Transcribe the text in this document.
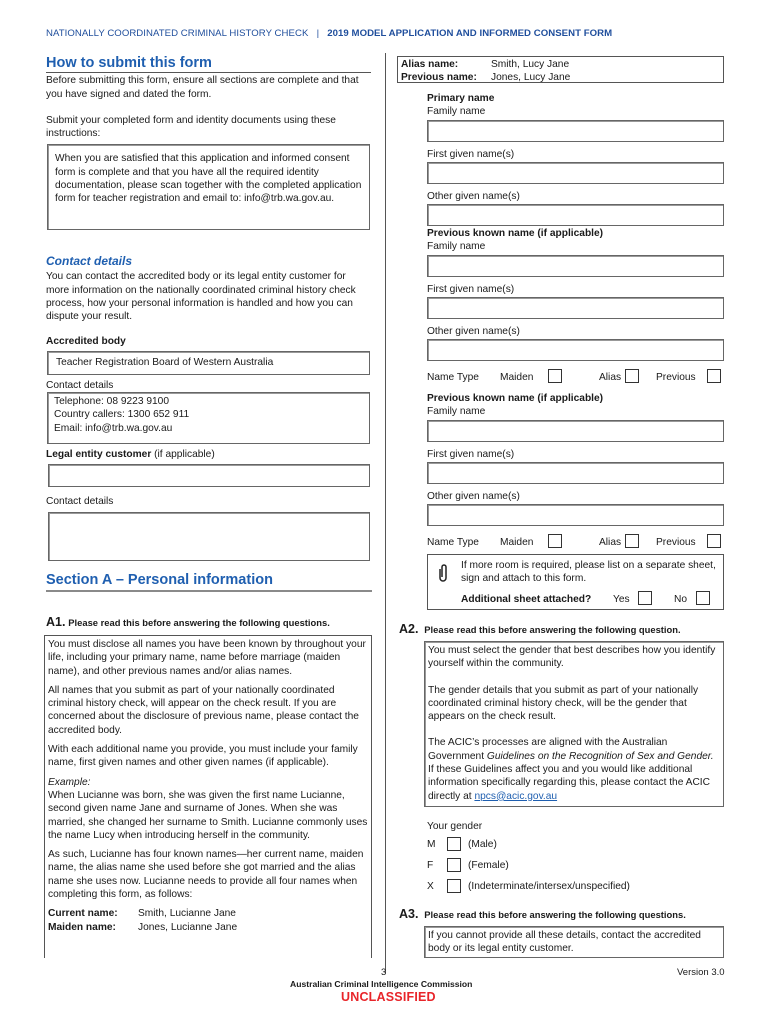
NATIONALLY COORDINATED CRIMINAL HISTORY CHECK | 2019 MODEL APPLICATION AND INFORMED CONSENT FORM
How to submit this form

Before submitting this form, ensure all sections are complete and that you have signed and dated the form.

Submit your completed form and identity documents using these instructions:

When you are satisfied that this application and informed consent form is complete and that you have all the required identity documentation, please scan together with the completed application form for teacher registration and email to: info@trb.wa.gov.au.

Contact details

You can contact the accredited body or its legal entity customer for more information on the nationally coordinated criminal history check process, how your personal information is handled and how you can dispute your result.

Accredited body
Teacher Registration Board of Western Australia
Contact details
Telephone: 08 9223 9100
Country callers: 1300 652 911
Email: info@trb.wa.gov.au
Legal entity customer (if applicable)
Contact details
Section A – Personal information
A1. Please read this before answering the following questions.

You must disclose all names you have been known by throughout your life, including your primary name, name before marriage (maiden name), and other previous names and/or alias names.

All names that you submit as part of your nationally coordinated criminal history check, will appear on the check result. If you are concerned about the disclosure of previous name, please contact the accredited body.

With each additional name you provide, you must include your family name, first given names and other given names (if applicable).

Example:

When Lucianne was born, she was given the first name Lucianne, second given name Jane and surname of Jones. When she was married, she changed her surname to Smith. Lucianne commonly uses the name Lucy when introducing herself in the community.

As such, Lucianne has four known names—her current name, maiden name, the alias name she used before she got married and the alias name she uses now. Lucianne needs to provide all four names when completing this form, as follows:

Current name:	Smith, Lucianne Jane
Maiden name:	Jones, Lucianne Jane
Alias name:	Smith, Lucy Jane
Previous name:	Jones, Lucy Jane
Primary name
Family name
First given name(s)
Other given name(s)
Previous known name (if applicable)
Family name
First given name(s)
Other given name(s)
Name Type Maiden	Alias	Previous
Previous known name (if applicable)
Family name
First given name(s)
Other given name(s)
Name Type Maiden	Alias	Previous
If more room is required, please list on a separate sheet, sign and attach to this form.
Additional sheet attached? Yes	No
A2. Please read this before answering the following question.

You must select the gender that best describes how you identify yourself within the community.

The gender details that you submit as part of your nationally coordinated criminal history check, will be the gender that appears on the check result.

The ACIC’s processes are aligned with the Australian Government Guidelines on the Recognition of Sex and Gender. If these Guidelines affect you and you would like additional information specifically regarding this, please contact the ACIC directly at npcs@acic.gov.au

Your gender
M	(Male)
F	(Female)
X	(Indeterminate/intersex/unspecified)
A3. Please read this before answering the following questions.

If you cannot provide all these details, contact the accredited body or its legal entity customer.

3	Version 3.0
Australian Criminal Intelligence Commission
UNCLASSIFIED
